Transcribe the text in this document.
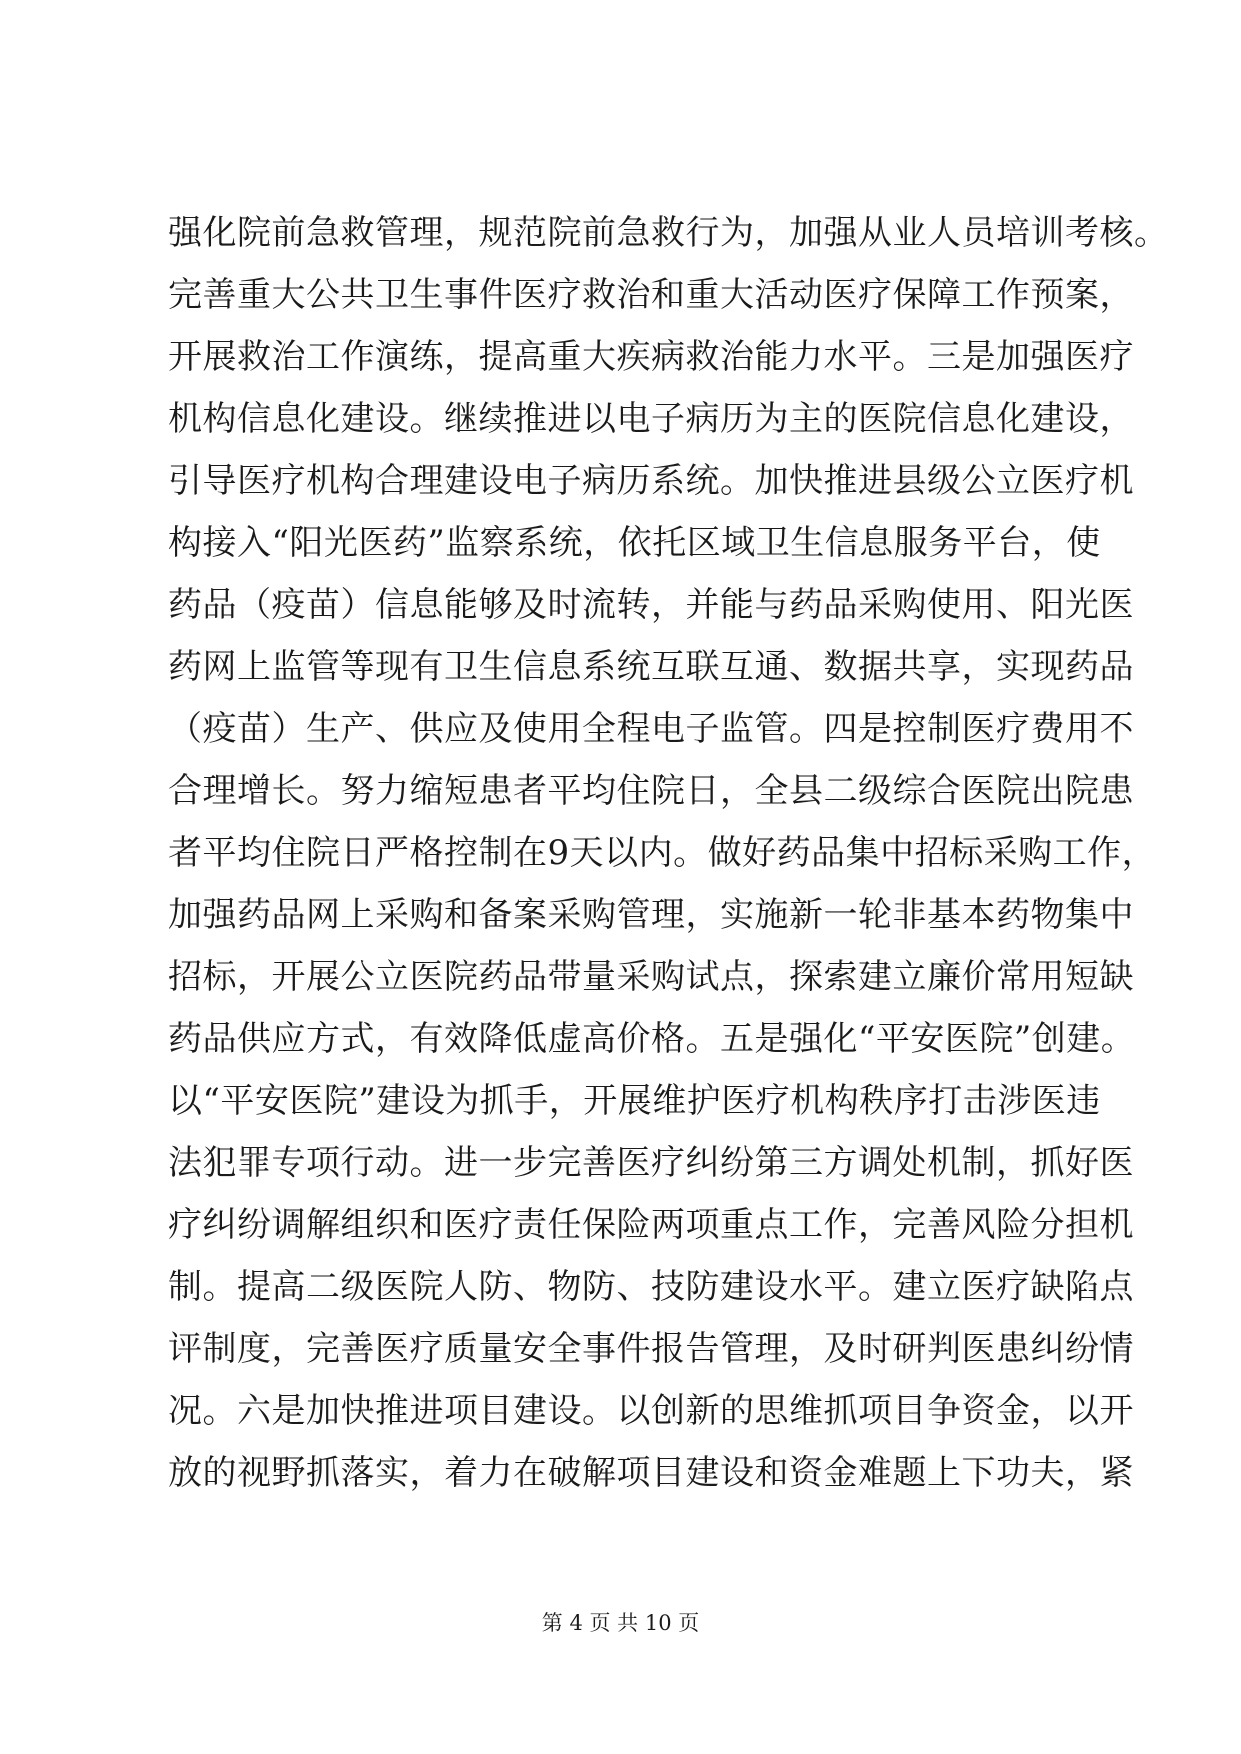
强化院前急救管理，规范院前急救行为，加强从业人员培训考核。
完善重大公共卫生事件医疗救治和重大活动医疗保障工作预案，
开展救治工作演练，提高重大疾病救治能力水平。三是加强医疗
机构信息化建设。继续推进以电子病历为主的医院信息化建设，
引导医疗机构合理建设电子病历系统。加快推进县级公立医疗机
构接入“阳光医药”监察系统，依托区域卫生信息服务平台，使
药品（疫苗）信息能够及时流转，并能与药品采购使用、阳光医
药网上监管等现有卫生信息系统互联互通、数据共享，实现药品
（疫苗）生产、供应及使用全程电子监管。四是控制医疗费用不
合理增长。努力缩短患者平均住院日，全县二级综合医院出院患
者平均住院日严格控制在9天以内。做好药品集中招标采购工作，
加强药品网上采购和备案采购管理，实施新一轮非基本药物集中
招标，开展公立医院药品带量采购试点，探索建立廉价常用短缺
药品供应方式，有效降低虚高价格。五是强化“平安医院”创建。
以“平安医院”建设为抓手，开展维护医疗机构秩序打击涉医违
法犯罪专项行动。进一步完善医疗纠纷第三方调处机制，抓好医
疗纠纷调解组织和医疗责任保险两项重点工作，完善风险分担机
制。提高二级医院人防、物防、技防建设水平。建立医疗缺陷点
评制度，完善医疗质量安全事件报告管理，及时研判医患纠纷情
况。六是加快推进项目建设。以创新的思维抓项目争资金，以开
放的视野抓落实，着力在破解项目建设和资金难题上下功夫，紧
第 4 页 共 10 页
